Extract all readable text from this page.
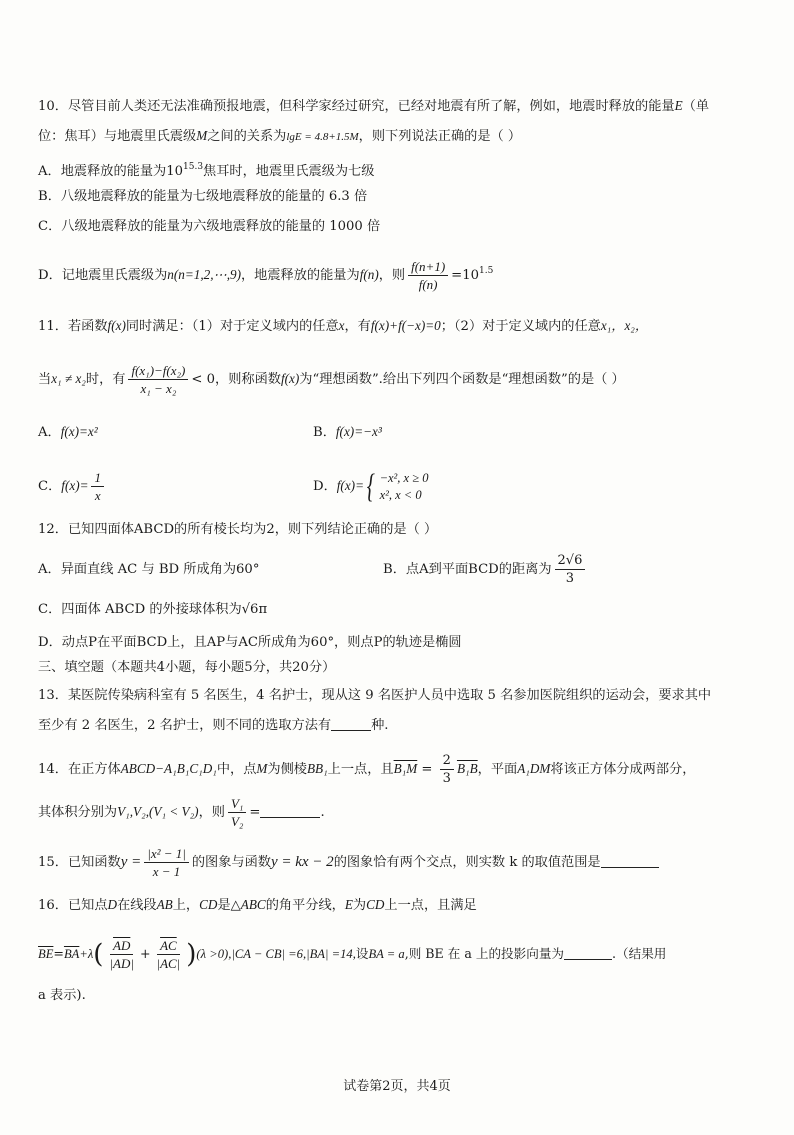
10．尽管目前人类还无法准确预报地震，但科学家经过研究，已经对地震有所了解，例如，地震时释放的能量E（单
位：焦耳）与地震里氏震级M之间的关系为lgE = 4.8+1.5M，则下列说法正确的是（ ）
A．地震释放的能量为$10^{15.3}$焦耳时，地震里氏震级为七级
B．八级地震释放的能量为七级地震释放的能量的 6.3 倍
C．八级地震释放的能量为六级地震释放的能量的 1000 倍
D．记地震里氏震级为n(n=1,2,⋯,9)，地震释放的能量为f(n)，则 $\frac{f(n+1)}{f(n)} =10^{1.5}$
11．若函数f(x)同时满足：（1）对于定义域内的任意x，有f(x)+f(−x)=0；（2）对于定义域内的任意x₁，x₂，
当x₁ ≠ x₂时，有 $\frac{\text{f(x₁)−f(x₂)}}{\text{x₁ − x₂}} < 0$，则称函数f(x)为“理想函数”.给出下列四个函数是“理想函数”的是（ ）
A．f(x)=x²	B．f(x)=−x³
C．$f(x)= \frac{1}{x}$	D．f(x)= { −x², x ≥ 0
x², x < 0
12．已知四面体ABCD的所有棱长均为2，则下列结论正确的是（ ）
A．异面直线 AC 与 BD 所成角为60°	B．点A到平面BCD的距离为 $\frac{2√6}{3}$
C．四面体 ABCD 的外接球体积为√6π
D．动点P在平面BCD上，且AP与AC所成角为60°，则点P的轨迹是椭圆
三、填空题（本题共4小题，每小题5分，共20分）
13．某医院传染病科室有 5 名医生，4 名护士，现从这 9 名医护人员中选取 5 名参加医院组织的运动会，要求其中
至少有 2 名医生，2 名护士，则不同的选取方法有	种.
14．在正方体ABCD−A₁B₁C₁D₁中，点M为侧棱BB₁上一点，且$B_1M = \frac{2}{3} B_1B$，平面A₁DM将该正方体分成两部分，
其体积分别为V₁,V₂,(V₁ < V₂)，则 $\frac{\text{V₁}}{\text{V₂}}$ =	.
15．已知函数$y = \frac{\text{|x² − 1|}}{x - 1}$ 的图象与函数y = kx − 2的图象恰有两个交点，则实数 k 的取值范围是
16．已知点D在线段AB上，CD是△ABC的角平分线，E为CD上一点，且满足
$\overline{BE}=\overline{BA}+\lambda( \frac{\overline{AD}}{|AD|} + \frac{\overline{AC}}{|AC|} )(\lambda >0),|CA - CB| =6,|BA| =14$,设BA = a,则 BE 在 a 上的投影向量为	.（结果用
a 表示).
试卷第2页，共4页
